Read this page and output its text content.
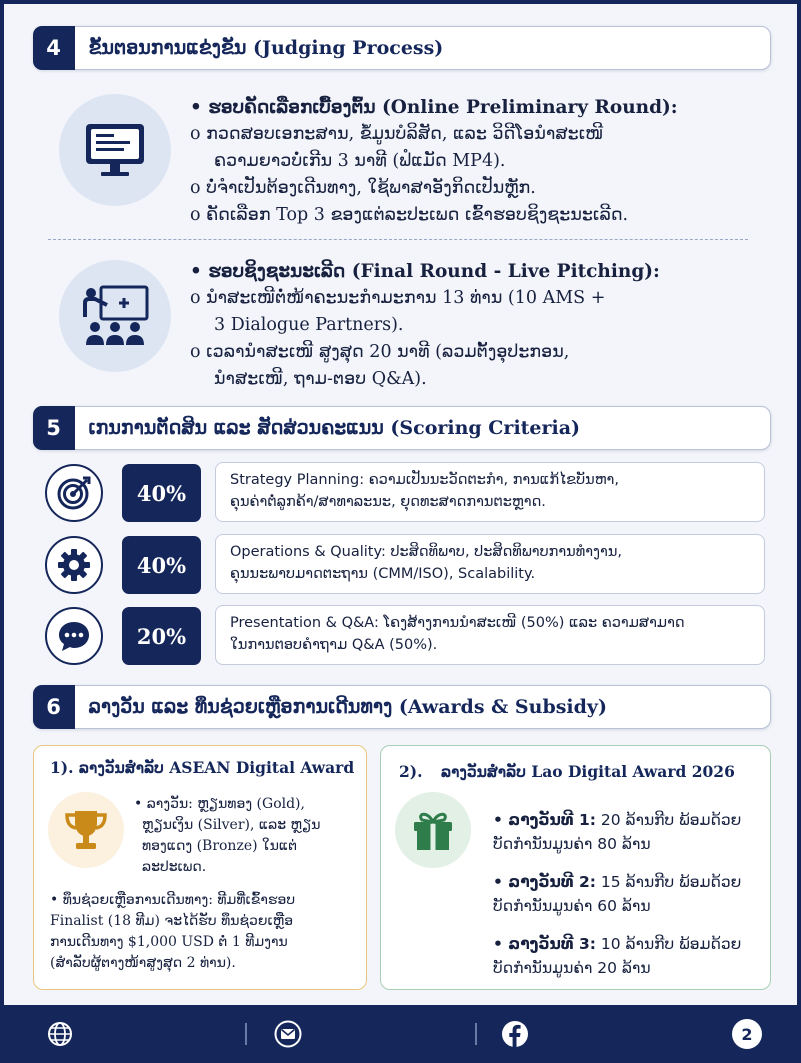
4	ຂັ້ນຕອນການແຂ່ງຂັນ (Judging Process)
• ຮອບຄັດເລືອກເບື້ອງຕົ້ນ (Online Preliminary Round):
o ກວດສອບເອກະສານ, ຂໍ້ມູນບໍລິສັດ, ແລະ ວິດີໂອນຳສະເໜີ
ຄວາມຍາວບໍ່ເກີນ 3 ນາທີ (ຟໍແມັດ MP4).
o ບໍ່ຈຳເປັນຕ້ອງເດີນທາງ, ໃຊ້ພາສາອັງກິດເປັນຫຼັກ.
o ຄັດເລືອກ Top 3 ຂອງແຕ່ລະປະເພດ ເຂົ້າຮອບຊິງຊະນະເລີດ.
• ຮອບຊິງຊະນະເລີດ (Final Round - Live Pitching):
o ນຳສະເໜີຕໍ່ໜ້າຄະນະກຳມະການ 13 ທ່ານ (10 AMS +
3 Dialogue Partners).
o ເວລານຳສະເໜີ ສູງສຸດ 20 ນາທີ (ລວມຕັ້ງອຸປະກອນ,
ນຳສະເໜີ, ຖາມ-ຕອບ Q&A).
5	ເກນການຕັດສິນ ແລະ ສັດສ່ວນຄະແນນ (Scoring Criteria)
40%
Strategy Planning: ຄວາມເປັນນະວັດຕະກຳ, ການແກ້ໄຂບັນຫາ,
ຄຸນຄ່າຕໍ່ລູກຄ້າ/ສາທາລະນະ, ຍຸດທະສາດການຕະຫຼາດ.
40%
Operations & Quality: ປະສິດທິພາບ, ປະສິດທິພາບການທຳງານ,
ຄຸນນະພາບມາດຕະຖານ (CMM/ISO), Scalability.
20%
Presentation & Q&A: ໂຄງສ້າງການນຳສະເໜີ (50%) ແລະ ຄວາມສາມາດ
ໃນການຕອບຄຳຖາມ Q&A (50%).
6	ລາງວັນ ແລະ ທຶນຊ່ວຍເຫຼືອການເດີນທາງ (Awards & Subsidy)
1). ລາງວັນສຳລັບ ASEAN Digital Award
• ລາງວັນ: ຫຼຽນທອງ (Gold),
ຫຼຽນເງິນ (Silver), ແລະ ຫຼຽນ
ທອງແດງ (Bronze) ໃນແຕ່
ລະປະເພດ.
• ທຶນຊ່ວຍເຫຼືອການເດີນທາງ: ທີມທີ່ເຂົ້າຮອບ
Finalist (18 ທີມ) ຈະໄດ້ຮັບ ທຶນຊ່ວຍເຫຼືອ
ການເດີນທາງ $1,000 USD ຕໍ່ 1 ທີມງານ
(ສຳລັບຜູ້ຕາງໜ້າສູງສຸດ 2 ທ່ານ).
2). ລາງວັນສຳລັບ Lao Digital Award 2026
• ລາງວັນທີ 1: 20 ລ້ານກີບ ພ້ອມດ້ວຍ
ບັດກຳນັນມູນຄ່າ 80 ລ້ານ
• ລາງວັນທີ 2: 15 ລ້ານກີບ ພ້ອມດ້ວຍ
ບັດກຳນັນມູນຄ່າ 60 ລ້ານ
• ລາງວັນທີ 3: 10 ລ້ານກີບ ພ້ອມດ້ວຍ
ບັດກຳນັນມູນຄ່າ 20 ລ້ານ
2
